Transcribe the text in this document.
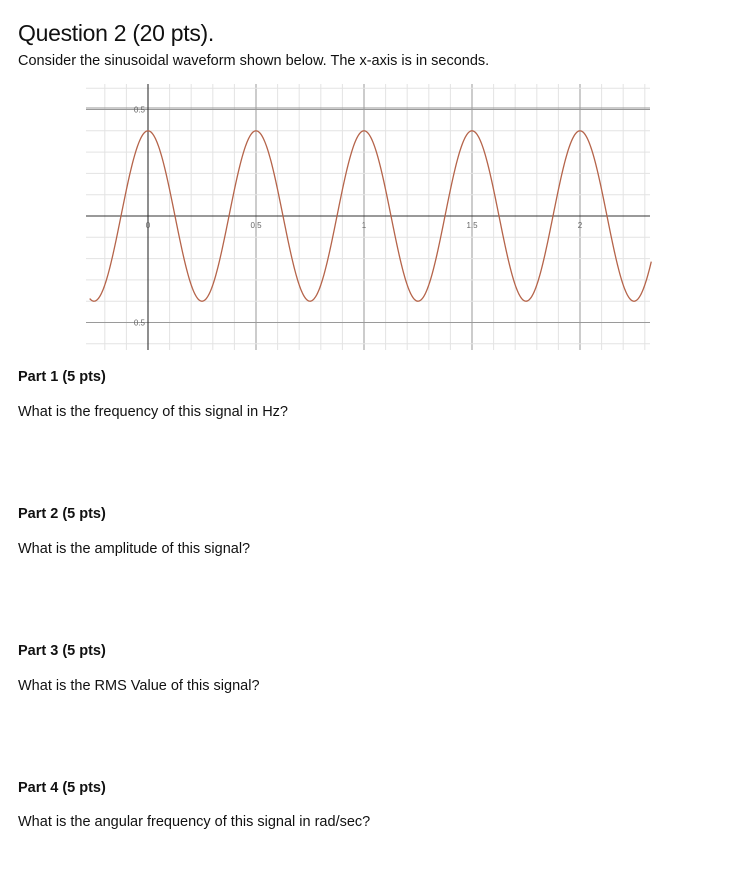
Question 2 (20 pts).

Consider the sinusoidal waveform shown below. The x-axis is in seconds.

0	0.5	1	1.5	2
0.5
0.5
Part 1 (5 pts)

What is the frequency of this signal in Hz?

Part 2 (5 pts)

What is the amplitude of this signal?

Part 3 (5 pts)

What is the RMS Value of this signal?

Part 4 (5 pts)

What is the angular frequency of this signal in rad/sec?
